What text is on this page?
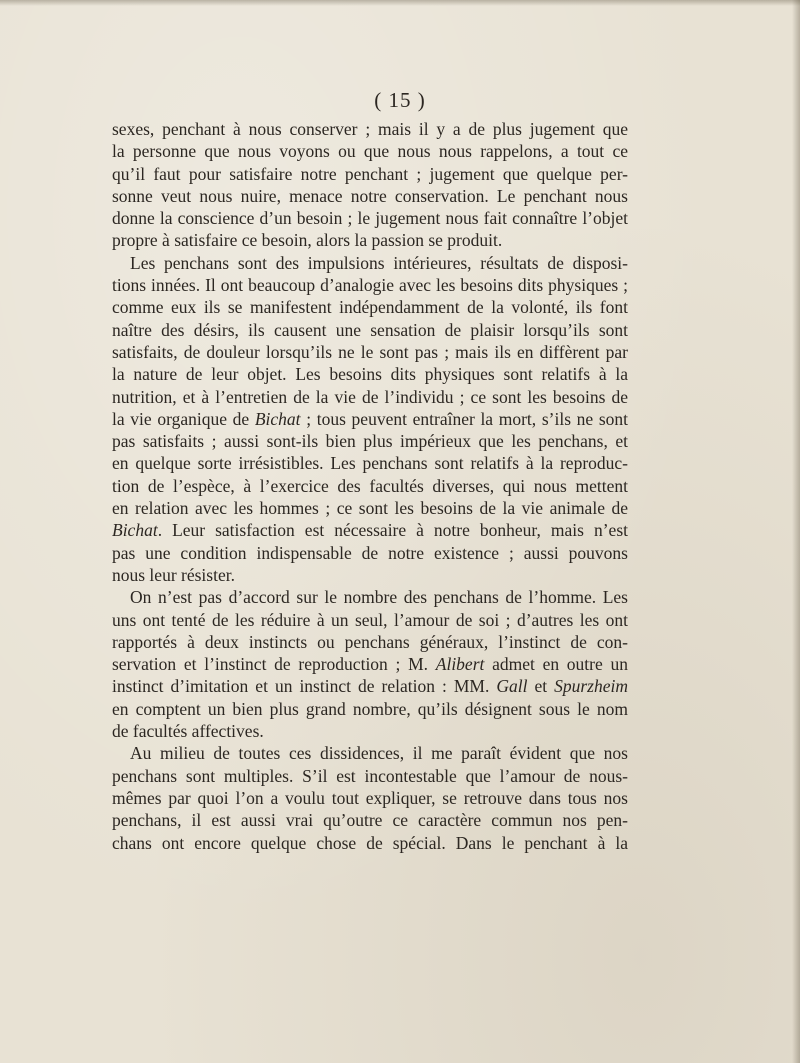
( 15 )
sexes, penchant à nous conserver ; mais il y a de plus jugement que
la personne que nous voyons ou que nous nous rappelons, a tout ce
qu’il faut pour satisfaire notre penchant ; jugement que quelque per-
sonne veut nous nuire, menace notre conservation. Le penchant nous
donne la conscience d’un besoin ; le jugement nous fait connaître l’objet
propre à satisfaire ce besoin, alors la passion se produit.
Les penchans sont des impulsions intérieures, résultats de disposi-
tions innées. Il ont beaucoup d’analogie avec les besoins dits physiques ;
comme eux ils se manifestent indépendamment de la volonté, ils font
naître des désirs, ils causent une sensation de plaisir lorsqu’ils sont
satisfaits, de douleur lorsqu’ils ne le sont pas ; mais ils en diffèrent par
la nature de leur objet. Les besoins dits physiques sont relatifs à la
nutrition, et à l’entretien de la vie de l’individu ; ce sont les besoins de
la vie organique de Bichat ; tous peuvent entraîner la mort, s’ils ne sont
pas satisfaits ; aussi sont-ils bien plus impérieux que les penchans, et
en quelque sorte irrésistibles. Les penchans sont relatifs à la reproduc-
tion de l’espèce, à l’exercice des facultés diverses, qui nous mettent
en relation avec les hommes ; ce sont les besoins de la vie animale de
Bichat. Leur satisfaction est nécessaire à notre bonheur, mais n’est
pas une condition indispensable de notre existence ; aussi pouvons
nous leur résister.
On n’est pas d’accord sur le nombre des penchans de l’homme. Les
uns ont tenté de les réduire à un seul, l’amour de soi ; d’autres les ont
rapportés à deux instincts ou penchans généraux, l’instinct de con-
servation et l’instinct de reproduction ; M. Alibert admet en outre un
instinct d’imitation et un instinct de relation : MM. Gall et Spurzheim
en comptent un bien plus grand nombre, qu’ils désignent sous le nom
de facultés affectives.
Au milieu de toutes ces dissidences, il me paraît évident que nos
penchans sont multiples. S’il est incontestable que l’amour de nous-
mêmes par quoi l’on a voulu tout expliquer, se retrouve dans tous nos
penchans, il est aussi vrai qu’outre ce caractère commun nos pen-
chans ont encore quelque chose de spécial. Dans le penchant à la
